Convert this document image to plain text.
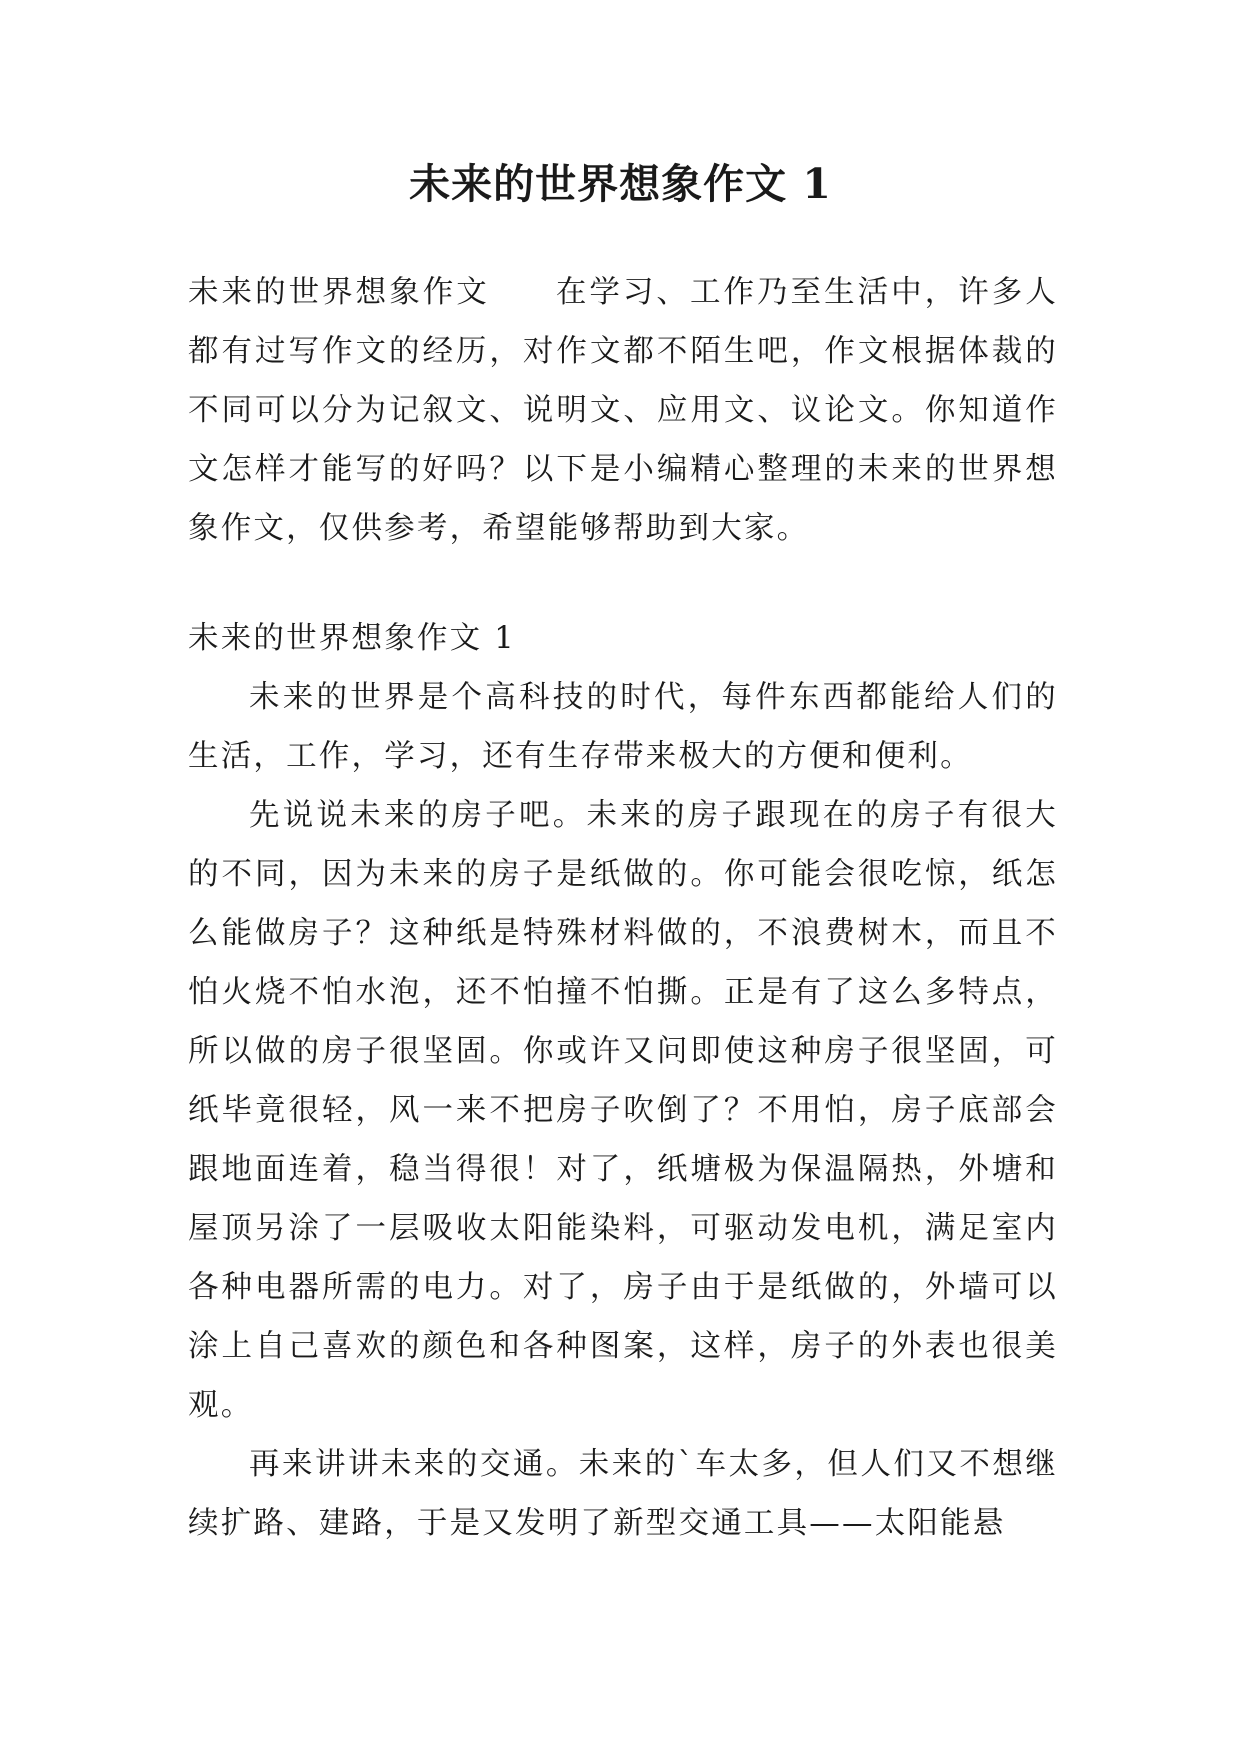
未来的世界想象作文 1

未来的世界想象作文 在学习、工作乃至生活中，许多人都有过写作文的经历，对作文都不陌生吧，作文根据体裁的不同可以分为记叙文、说明文、应用文、议论文。你知道作文怎样才能写的好吗？以下是小编精心整理的未来的世界想象作文，仅供参考，希望能够帮助到大家。

未来的世界想象作文 1

未来的世界是个高科技的时代，每件东西都能给人们的生活，工作，学习，还有生存带来极大的方便和便利。

先说说未来的房子吧。未来的房子跟现在的房子有很大的不同，因为未来的房子是纸做的。你可能会很吃惊，纸怎么能做房子？这种纸是特殊材料做的，不浪费树木，而且不怕火烧不怕水泡，还不怕撞不怕撕。正是有了这么多特点，所以做的房子很坚固。你或许又问即使这种房子很坚固，可纸毕竟很轻，风一来不把房子吹倒了？不用怕，房子底部会跟地面连着，稳当得很！对了，纸塘极为保温隔热，外塘和屋顶另涂了一层吸收太阳能染料，可驱动发电机，满足室内各种电器所需的电力。对了，房子由于是纸做的，外墙可以涂上自己喜欢的颜色和各种图案，这样，房子的外表也很美观。

再来讲讲未来的交通。未来的`车太多，但人们又不想继续扩路、建路，于是又发明了新型交通工具——太阳能悬
